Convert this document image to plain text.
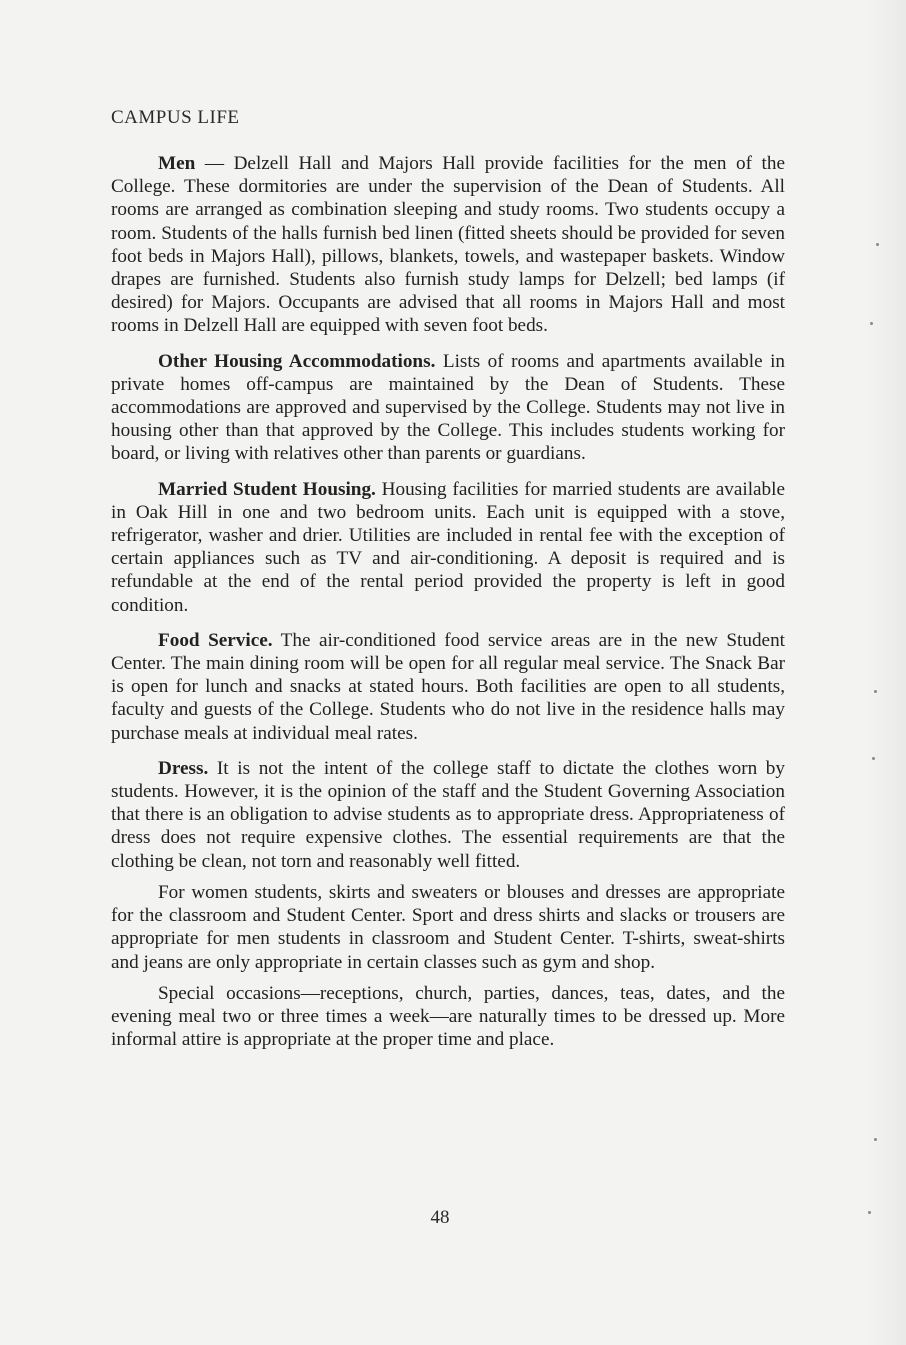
CAMPUS LIFE

Men — Delzell Hall and Majors Hall provide facilities for the men of the College. These dormitories are under the supervision of the Dean of Students. All rooms are arranged as combination sleeping and study rooms. Two students occupy a room. Students of the halls furnish bed linen (fitted sheets should be provided for seven foot beds in Majors Hall), pillows, blankets, towels, and wastepaper baskets. Window drapes are furnished. Students also furnish study lamps for Delzell; bed lamps (if desired) for Majors. Occupants are advised that all rooms in Majors Hall and most rooms in Delzell Hall are equipped with seven foot beds.

Other Housing Accommodations. Lists of rooms and apartments available in private homes off-campus are maintained by the Dean of Students. These accommodations are approved and supervised by the College. Students may not live in housing other than that approved by the College. This includes students working for board, or living with relatives other than parents or guardians.

Married Student Housing. Housing facilities for married students are available in Oak Hill in one and two bedroom units. Each unit is equipped with a stove, refrigerator, washer and drier. Utilities are included in rental fee with the exception of certain appliances such as TV and air-conditioning. A deposit is required and is refundable at the end of the rental period provided the property is left in good condition.

Food Service. The air-conditioned food service areas are in the new Student Center. The main dining room will be open for all regular meal service. The Snack Bar is open for lunch and snacks at stated hours. Both facilities are open to all students, faculty and guests of the College. Students who do not live in the residence halls may purchase meals at individual meal rates.

Dress. It is not the intent of the college staff to dictate the clothes worn by students. However, it is the opinion of the staff and the Student Governing Association that there is an obligation to advise students as to appropriate dress. Appropriateness of dress does not require expensive clothes. The essential requirements are that the clothing be clean, not torn and reasonably well fitted.

For women students, skirts and sweaters or blouses and dresses are appropriate for the classroom and Student Center. Sport and dress shirts and slacks or trousers are appropriate for men students in classroom and Student Center. T-shirts, sweat-shirts and jeans are only appropriate in certain classes such as gym and shop.

Special occasions—receptions, church, parties, dances, teas, dates, and the evening meal two or three times a week—are naturally times to be dressed up. More informal attire is appropriate at the proper time and place.

48
